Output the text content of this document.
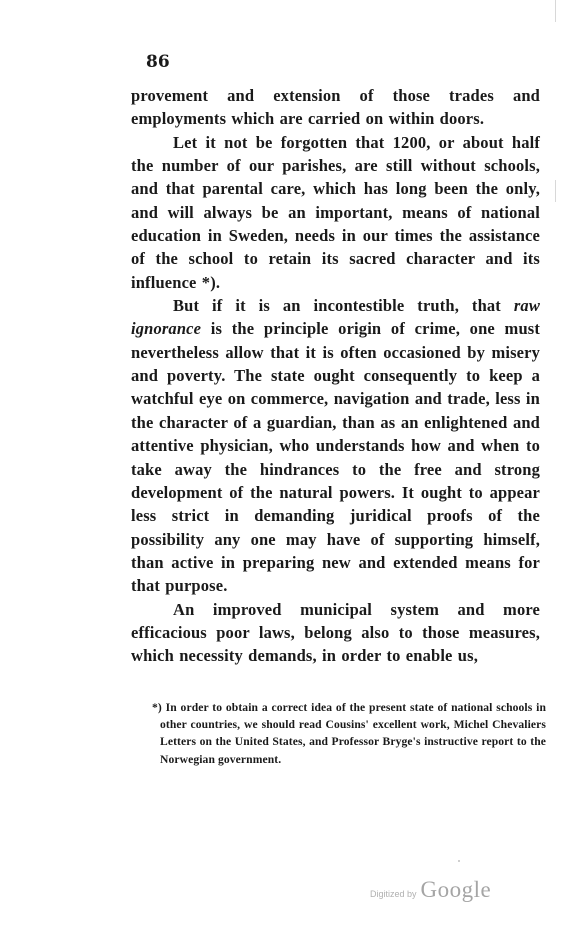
86

provement and extension of those trades and employments which are carried on within doors.

Let it not be forgotten that 1200, or about half the number of our parishes, are still without schools, and that parental care, which has long been the only, and will always be an important, means of national education in Sweden, needs in our times the assistance of the school to retain its sacred character and its influence *).

But if it is an incontestible truth, that raw ignorance is the principle origin of crime, one must nevertheless allow that it is often occasioned by misery and poverty. The state ought consequently to keep a watchful eye on commerce, navigation and trade, less in the character of a guardian, than as an enlightened and attentive physician, who understands how and when to take away the hindrances to the free and strong development of the natural powers. It ought to appear less strict in demanding juridical proofs of the possibility any one may have of supporting himself, than active in preparing new and extended means for that purpose.

An improved municipal system and more efficacious poor laws, belong also to those measures, which necessity demands, in order to enable us,

*) In order to obtain a correct idea of the present state of national schools in other countries, we should read Cousins' excellent work, Michel Chevaliers Letters on the United States, and Professor Bryge's instructive report to the Norwegian government.

Digitized by Google
